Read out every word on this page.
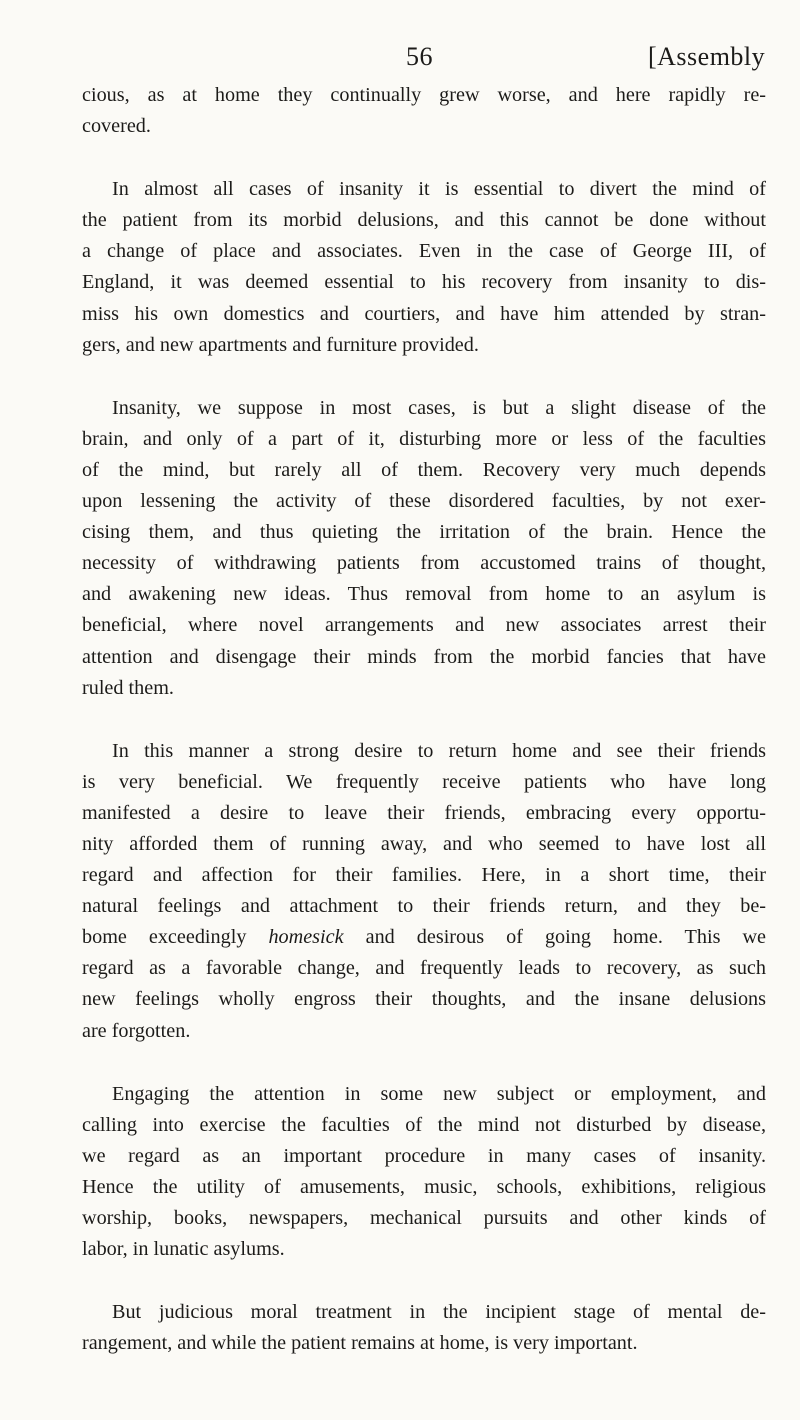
56	[Assembly

cious, as at home they continually grew worse, and here rapidly re-
covered.

In almost all cases of insanity it is essential to divert the mind of
the patient from its morbid delusions, and this cannot be done without
a change of place and associates. Even in the case of George III, of
England, it was deemed essential to his recovery from insanity to dis-
miss his own domestics and courtiers, and have him attended by stran-
gers, and new apartments and furniture provided.

Insanity, we suppose in most cases, is but a slight disease of the
brain, and only of a part of it, disturbing more or less of the faculties
of the mind, but rarely all of them. Recovery very much depends
upon lessening the activity of these disordered faculties, by not exer-
cising them, and thus quieting the irritation of the brain. Hence the
necessity of withdrawing patients from accustomed trains of thought,
and awakening new ideas. Thus removal from home to an asylum is
beneficial, where novel arrangements and new associates arrest their
attention and disengage their minds from the morbid fancies that have
ruled them.

In this manner a strong desire to return home and see their friends
is very beneficial. We frequently receive patients who have long
manifested a desire to leave their friends, embracing every opportu-
nity afforded them of running away, and who seemed to have lost all
regard and affection for their families. Here, in a short time, their
natural feelings and attachment to their friends return, and they be-
bome exceedingly homesick and desirous of going home. This we
regard as a favorable change, and frequently leads to recovery, as such
new feelings wholly engross their thoughts, and the insane delusions
are forgotten.

Engaging the attention in some new subject or employment, and
calling into exercise the faculties of the mind not disturbed by disease,
we regard as an important procedure in many cases of insanity.
Hence the utility of amusements, music, schools, exhibitions, religious
worship, books, newspapers, mechanical pursuits and other kinds of
labor, in lunatic asylums.

But judicious moral treatment in the incipient stage of mental de-
rangement, and while the patient remains at home, is very important.
